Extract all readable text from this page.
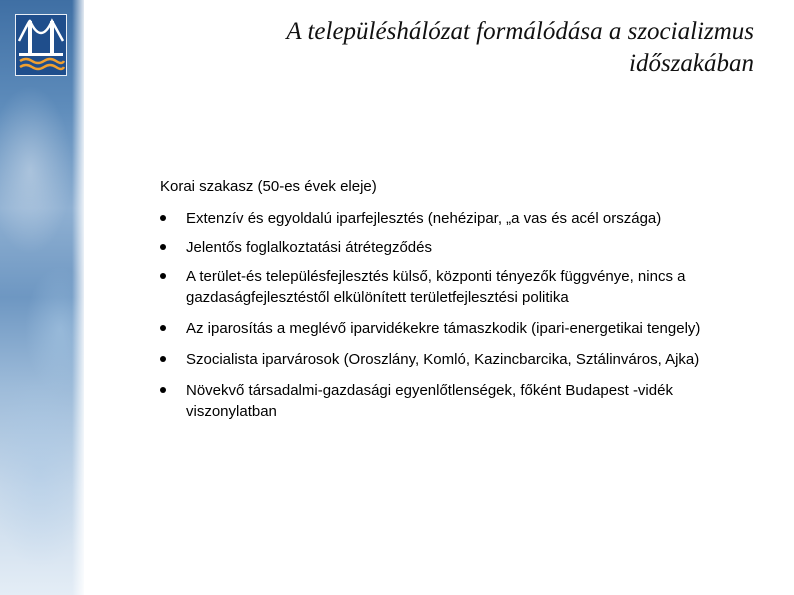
A településhálózat formálódása a szocializmus
időszakában
Korai szakasz (50-es évek eleje)
Extenzív és egyoldalú iparfejlesztés (nehézipar, „a vas és acél országa)
Jelentős foglalkoztatási átrétegződés
A terület-és településfejlesztés külső, központi tényezők függvénye, nincs a gazdaságfejlesztéstől elkülönített területfejlesztési politika
Az iparosítás a meglévő iparvidékekre támaszkodik (ipari-energetikai tengely)
Szocialista iparvárosok (Oroszlány, Komló, Kazincbarcika, Sztálinváros, Ajka)
Növekvő társadalmi-gazdasági egyenlőtlenségek, főként Budapest -vidék viszonylatban
